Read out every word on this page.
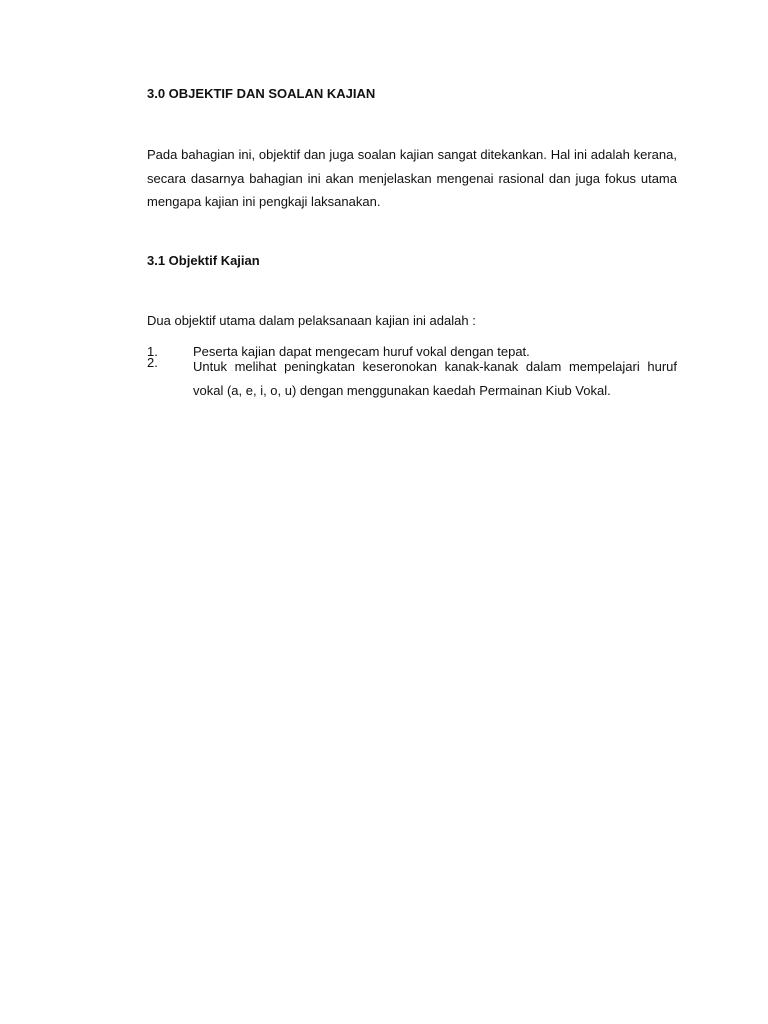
3.0 OBJEKTIF DAN SOALAN KAJIAN
Pada bahagian ini, objektif dan juga soalan kajian sangat ditekankan. Hal ini adalah kerana, secara dasarnya bahagian ini akan menjelaskan mengenai rasional dan juga fokus utama mengapa kajian ini pengkaji laksanakan.
3.1 Objektif Kajian
Dua objektif utama dalam pelaksanaan kajian ini adalah :
1.	Peserta kajian dapat mengecam huruf vokal dengan tepat.
2.	Untuk melihat peningkatan keseronokan kanak-kanak dalam mempelajari huruf vokal (a, e, i, o, u) dengan menggunakan kaedah Permainan Kiub Vokal.
